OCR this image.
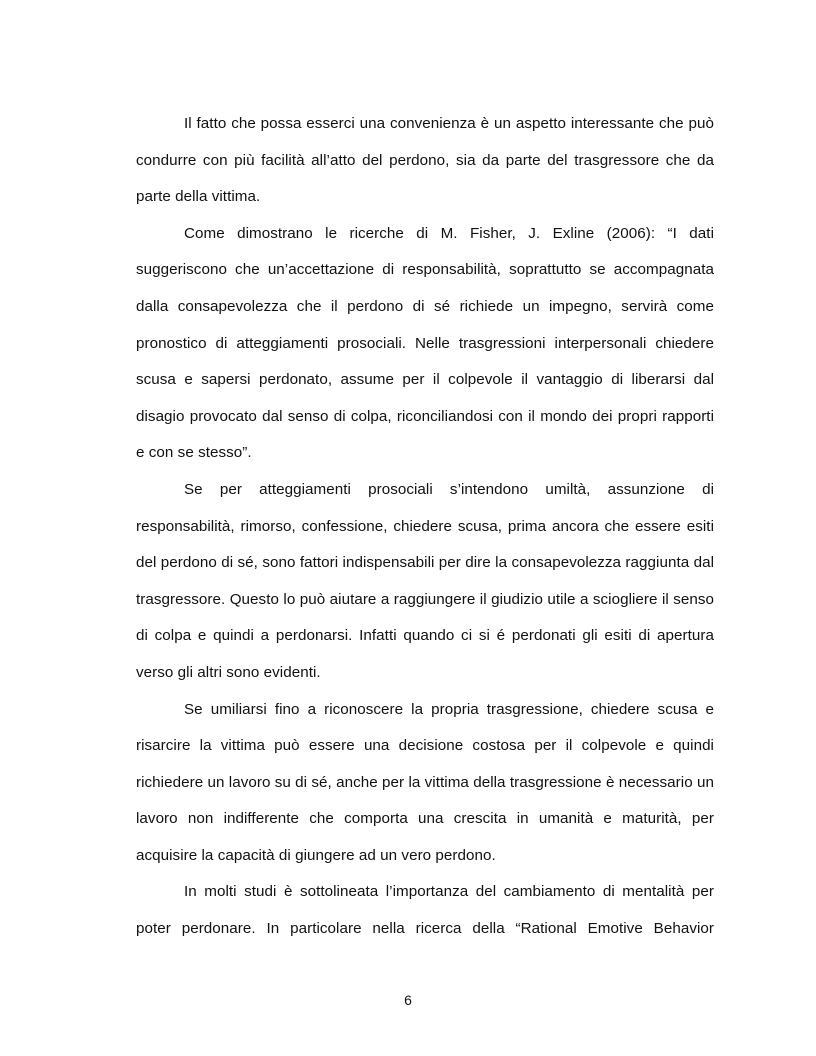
Il fatto che possa esserci una convenienza è un aspetto interessante che può condurre con più facilità all’atto del perdono, sia da parte del trasgressore che da parte della vittima.

Come dimostrano le ricerche di M. Fisher, J. Exline (2006): “I dati suggeriscono che un’accettazione di responsabilità, soprattutto se accompagnata dalla consapevolezza che il perdono di sé richiede un impegno, servirà come pronostico di atteggiamenti prosociali. Nelle trasgressioni interpersonali chiedere scusa e sapersi perdonato, assume per il colpevole il vantaggio di liberarsi dal disagio provocato dal senso di colpa, riconciliandosi con il mondo dei propri rapporti e con se stesso”.

Se per atteggiamenti prosociali s’intendono umiltà, assunzione di responsabilità, rimorso, confessione, chiedere scusa, prima ancora che essere esiti del perdono di sé, sono fattori indispensabili per dire la consapevolezza raggiunta dal trasgressore. Questo lo può aiutare a raggiungere il giudizio utile a sciogliere il senso di colpa e quindi a perdonarsi. Infatti quando ci si é perdonati gli esiti di apertura verso gli altri sono evidenti.

Se umiliarsi fino a riconoscere la propria trasgressione, chiedere scusa e risarcire la vittima può essere una decisione costosa per il colpevole e quindi richiedere un lavoro su di sé, anche per la vittima della trasgressione è necessario un lavoro non indifferente che comporta una crescita in umanità e maturità, per acquisire la capacità di giungere ad un vero perdono.

In molti studi è sottolineata l’importanza del cambiamento di mentalità per poter perdonare. In particolare nella ricerca della “Rational Emotive Behavior

6
